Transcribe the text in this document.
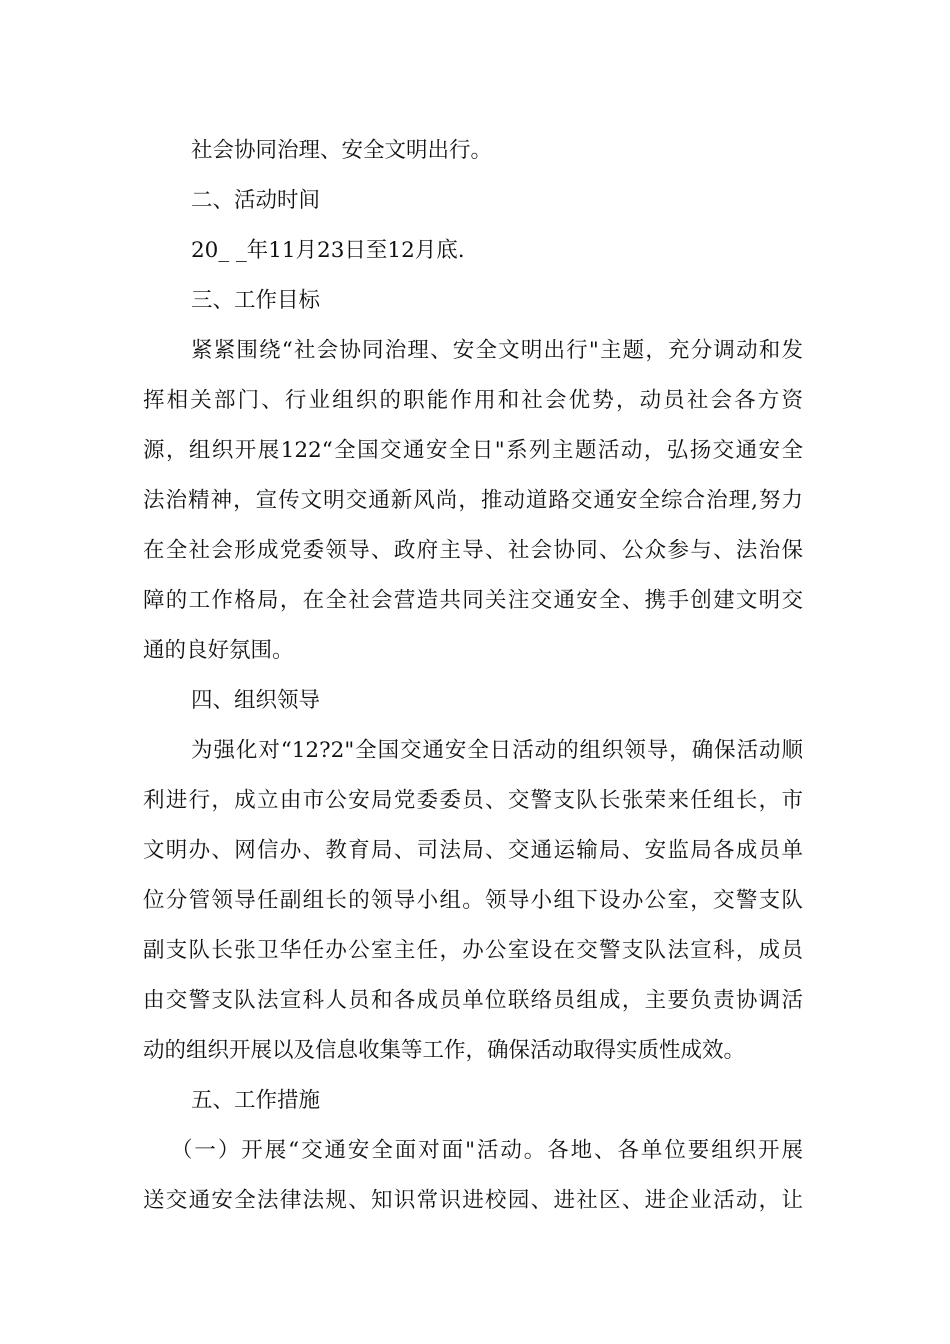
社会协同治理、安全文明出行。
二、活动时间
20_ _年11月23日至12月底.
三、工作目标
紧紧围绕“社会协同治理、安全文明出行"主题，充分调动和发
挥相关部门、行业组织的职能作用和社会优势，动员社会各方资
源，组织开展122“全国交通安全日"系列主题活动，弘扬交通安全
法治精神，宣传文明交通新风尚，推动道路交通安全综合治理,努力
在全社会形成党委领导、政府主导、社会协同、公众参与、法治保
障的工作格局，在全社会营造共同关注交通安全、携手创建文明交
通的良好氛围。
四、组织领导
为强化对“12?2"全国交通安全日活动的组织领导，确保活动顺
利进行，成立由市公安局党委委员、交警支队长张荣来任组长，市
文明办、网信办、教育局、司法局、交通运输局、安监局各成员单
位分管领导任副组长的领导小组。领导小组下设办公室，交警支队
副支队长张卫华任办公室主任，办公室设在交警支队法宣科，成员
由交警支队法宣科人员和各成员单位联络员组成，主要负责协调活
动的组织开展以及信息收集等工作，确保活动取得实质性成效。
五、工作措施
（一）开展“交通安全面对面"活动。各地、各单位要组织开展
送交通安全法律法规、知识常识进校园、进社区、进企业活动，让
